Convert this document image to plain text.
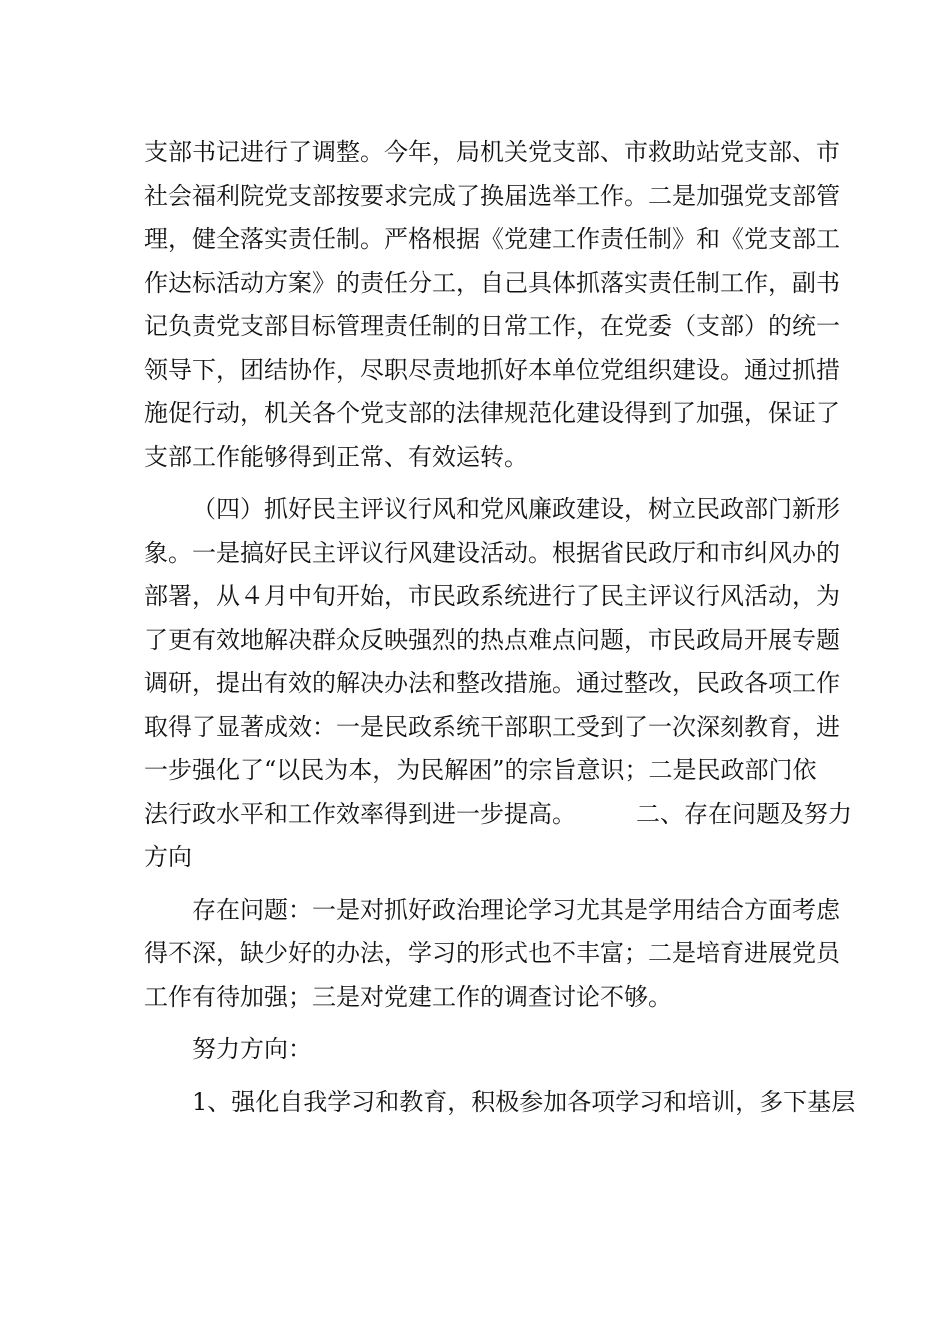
支部书记进行了调整。今年，局机关党支部、市救助站党支部、市
社会福利院党支部按要求完成了换届选举工作。二是加强党支部管
理，健全落实责任制。严格根据《党建工作责任制》和《党支部工
作达标活动方案》的责任分工，自己具体抓落实责任制工作，副书
记负责党支部目标管理责任制的日常工作，在党委（支部）的统一
领导下，团结协作，尽职尽责地抓好本单位党组织建设。通过抓措
施促行动，机关各个党支部的法律规范化建设得到了加强，保证了
支部工作能够得到正常、有效运转。
（四）抓好民主评议行风和党风廉政建设，树立民政部门新形
象。一是搞好民主评议行风建设活动。根据省民政厅和市纠风办的
部署，从４月中旬开始，市民政系统进行了民主评议行风活动，为
了更有效地解决群众反映强烈的热点难点问题，市民政局开展专题
调研，提出有效的解决办法和整改措施。通过整改，民政各项工作
取得了显著成效：一是民政系统干部职工受到了一次深刻教育，进
一步强化了“以民为本，为民解困”的宗旨意识；二是民政部门依
法行政水平和工作效率得到进一步提高。　　　二、存在问题及努力
方向
存在问题：一是对抓好政治理论学习尤其是学用结合方面考虑
得不深，缺少好的办法，学习的形式也不丰富；二是培育进展党员
工作有待加强；三是对党建工作的调查讨论不够。
努力方向：
1、强化自我学习和教育，积极参加各项学习和培训，多下基层
